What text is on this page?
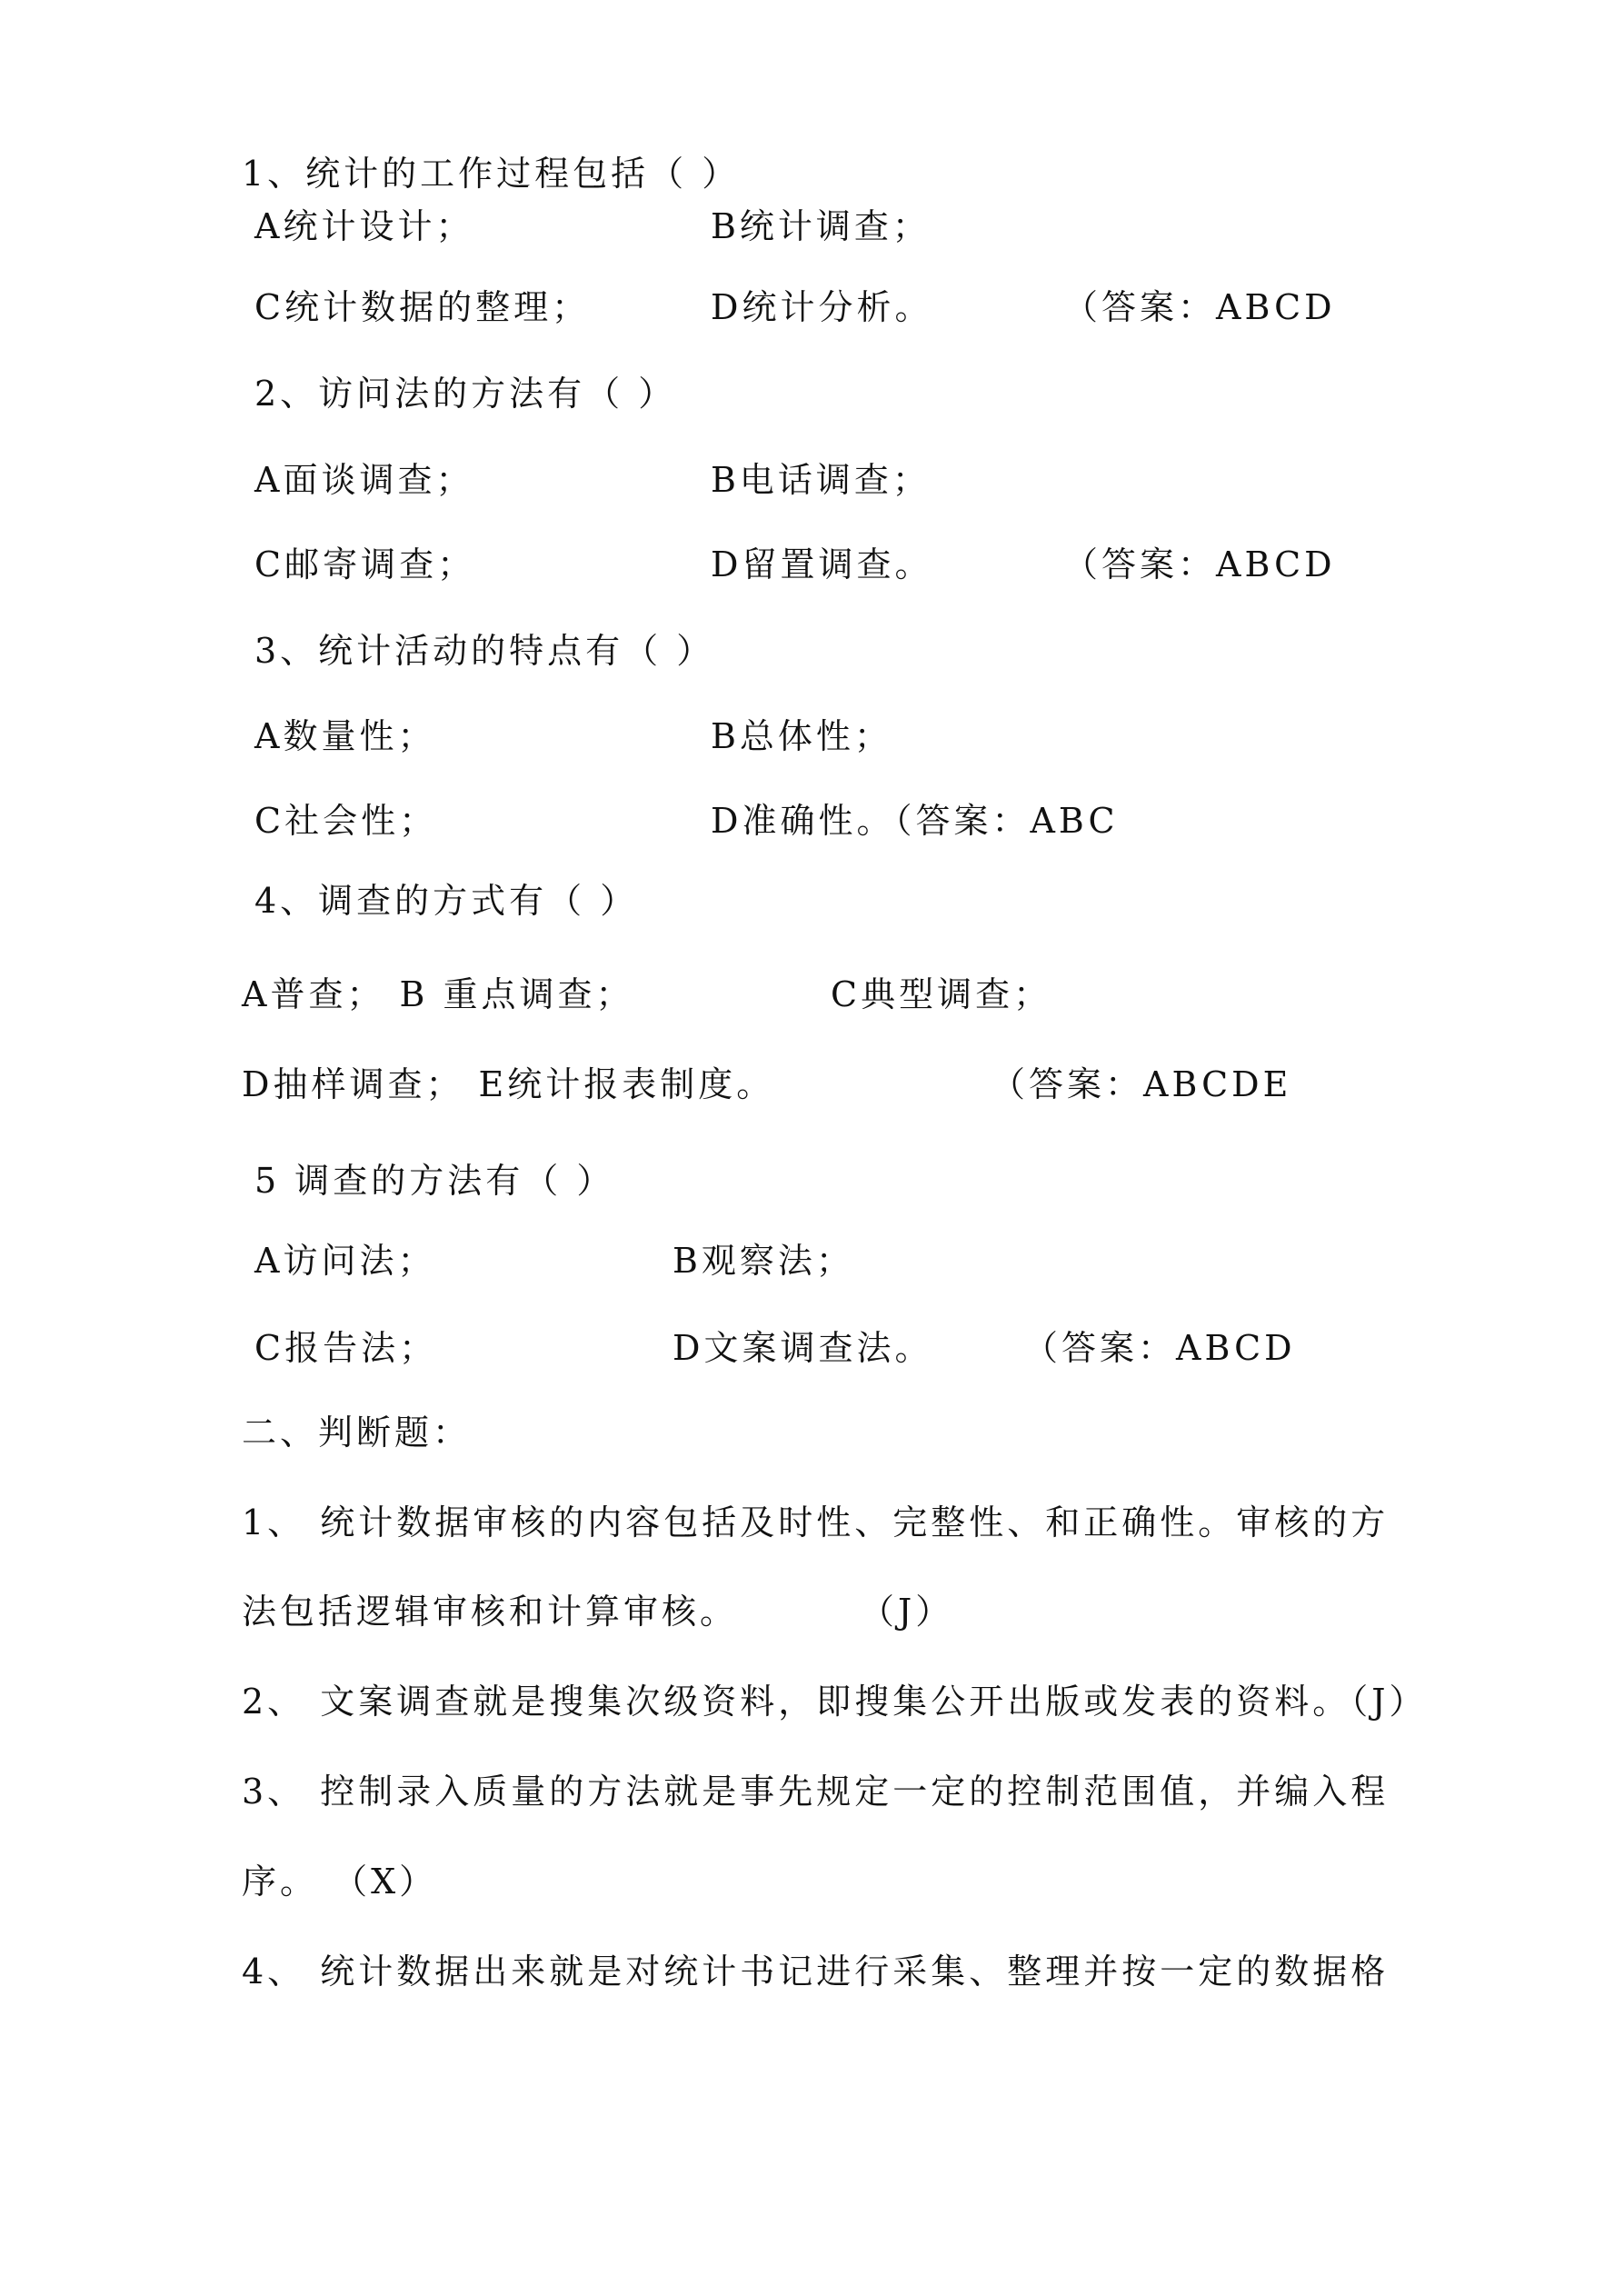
1、统计的工作过程包括（ ）
A统计设计；	B统计调查；
C统计数据的整理；	D统计分析。	（答案：ABCD
2、访问法的方法有（ ）
A面谈调查；	B电话调查；
C邮寄调查；	D留置调查。	（答案：ABCD
3、统计活动的特点有（ ）
A数量性；	B总体性；
C社会性；	D准确性。（答案：ABC
4、调查的方式有（ ）
A普查； B 重点调查；	C典型调查；
D抽样调查； E统计报表制度。	（答案：ABCDE
5 调查的方法有（ ）
A访问法；	B观察法；
C报告法；	D文案调查法。	（答案：ABCD
二、判断题：
1、 统计数据审核的内容包括及时性、完整性、和正确性。审核的方
法包括逻辑审核和计算审核。	（J）
2、 文案调查就是搜集次级资料，即搜集公开出版或发表的资料。（J）
3、 控制录入质量的方法就是事先规定一定的控制范围值，并编入程
序。 （X）
4、 统计数据出来就是对统计书记进行采集、整理并按一定的数据格
